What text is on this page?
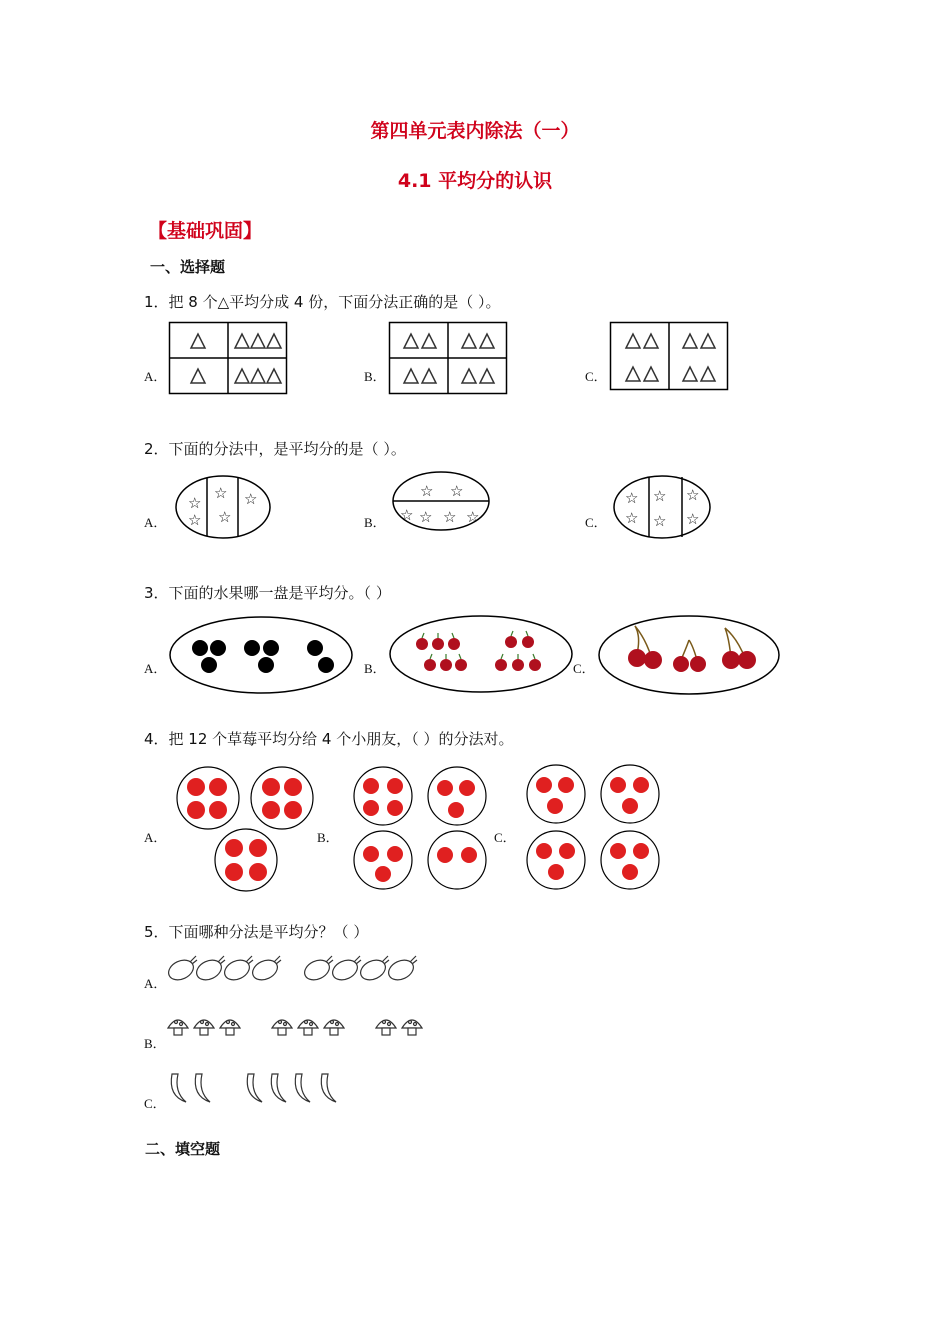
第四单元表内除法（一）
4.1 平均分的认识
【基础巩固】
一、选择题
1．把 8 个△平均分成 4 份，下面分法正确的是（ ）。
A．	B．	C．
2．下面的分法中，是平均分的是（ ）。
A．	B．	C．
☆
☆
☆
☆
☆	☆ ☆
☆ ☆ ☆ ☆
☆
☆
☆
☆
☆
☆
3．下面的水果哪一盘是平均分。（ ）
A．	B．	C．
4．把 12 个草莓平均分给 4 个小朋友，（ ）的分法对。
A．	B．	C．
5．下面哪种分法是平均分？（ ）
A．
B．
C．
二、填空题
